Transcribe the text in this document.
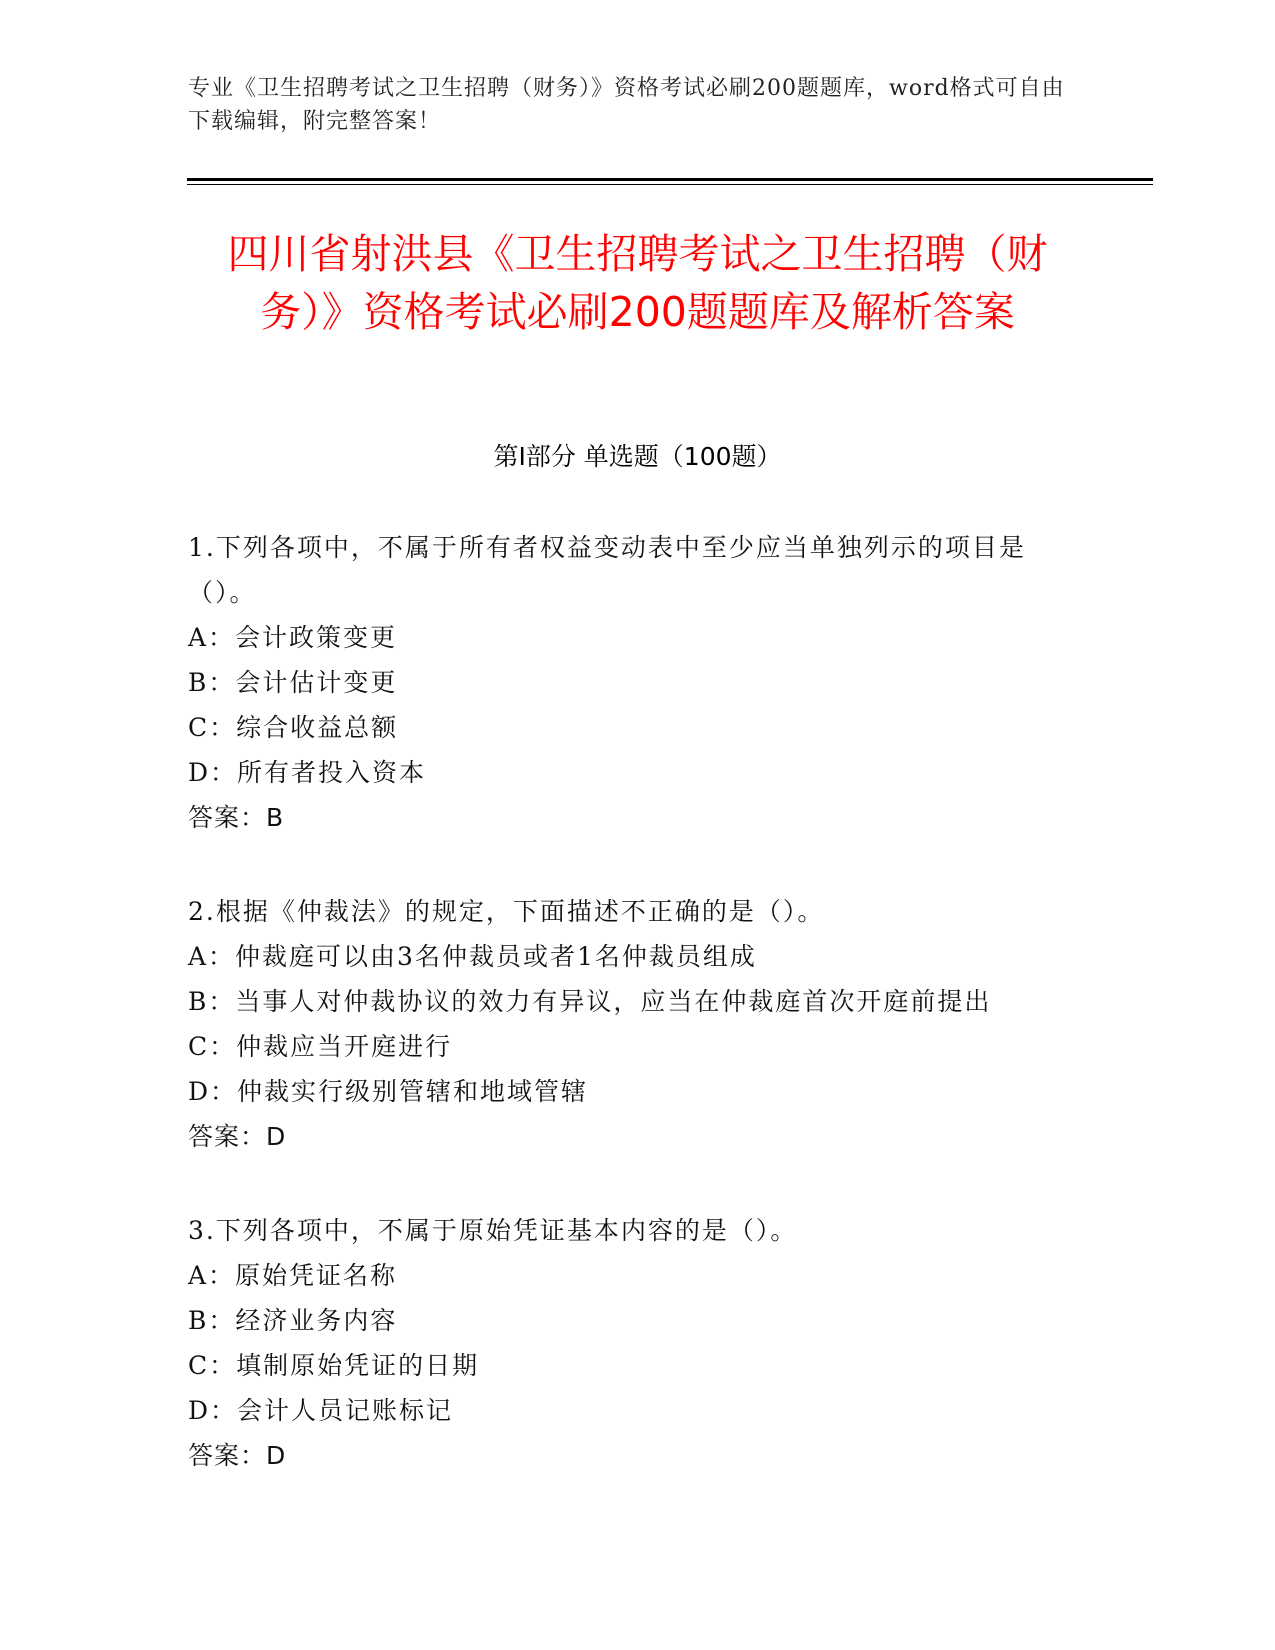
专业《卫生招聘考试之卫生招聘（财务）》资格考试必刷200题题库，word格式可自由下载编辑，附完整答案！
四川省射洪县《卫生招聘考试之卫生招聘（财务）》资格考试必刷200题题库及解析答案
第I部分 单选题（100题）

1.下列各项中，不属于所有者权益变动表中至少应当单独列示的项目是（）。

A：会计政策变更

B：会计估计变更

C：综合收益总额

D：所有者投入资本

答案：B

2.根据《仲裁法》的规定，下面描述不正确的是（）。

A：仲裁庭可以由3名仲裁员或者1名仲裁员组成

B：当事人对仲裁协议的效力有异议，应当在仲裁庭首次开庭前提出

C：仲裁应当开庭进行

D：仲裁实行级别管辖和地域管辖

答案：D

3.下列各项中，不属于原始凭证基本内容的是（）。

A：原始凭证名称

B：经济业务内容

C：填制原始凭证的日期

D：会计人员记账标记

答案：D
